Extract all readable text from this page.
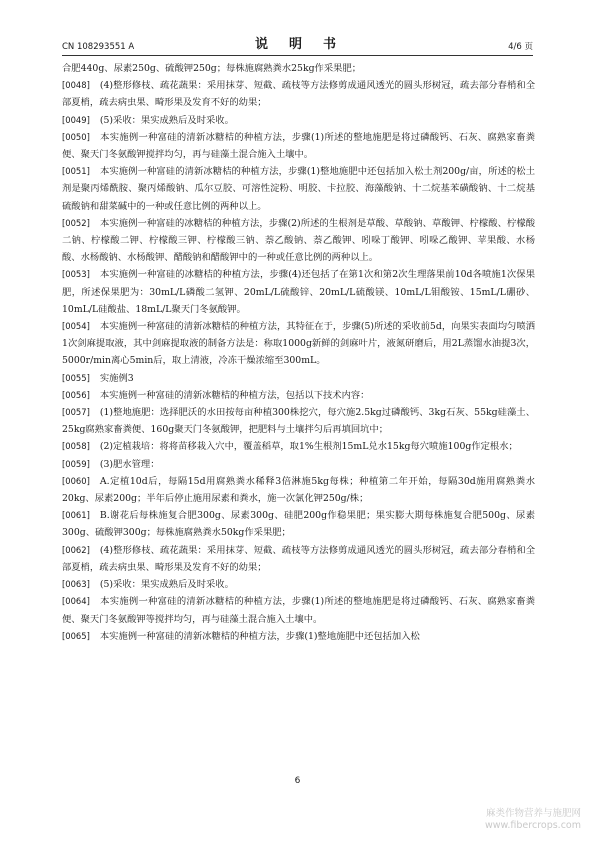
CN 108293551 A	说　明　书	4/6 页

合肥440g、尿素250g、硫酸钾250g；每株施腐熟粪水25kg作采果肥；

[0048] (4)整形修枝、疏花蔬果：采用抹芽、短截、疏枝等方法修剪成通风透光的圆头形树冠，疏去部分春梢和全部夏梢，疏去病虫果、畸形果及发育不好的幼果；

[0049] (5)采收：果实成熟后及时采收。

[0050] 本实施例一种富硅的清新冰糖桔的种植方法，步骤(1)所述的整地施肥是将过磷酸钙、石灰、腐熟家畜粪便、聚天门冬氨酸钾搅拌均匀，再与硅藻土混合施入土壤中。

[0051] 本实施例一种富硅的清新冰糖桔的种植方法，步骤(1)整地施肥中还包括加入松土剂200g/亩，所述的松土剂是聚丙烯酰胺、聚丙烯酸钠、瓜尔豆胶、可溶性淀粉、明胶、卡拉胶、海藻酸钠、十二烷基苯磺酸钠、十二烷基硫酸钠和甜菜碱中的一种或任意比例的两种以上。

[0052] 本实施例一种富硅的冰糖桔的种植方法，步骤(2)所述的生根剂是草酸、草酸钠、草酸钾、柠檬酸、柠檬酸二钠、柠檬酸二钾、柠檬酸三钾、柠檬酸三钠、萘乙酸钠、萘乙酸钾、吲哚丁酸钾、吲哚乙酸钾、苹果酸、水杨酸、水杨酸钠、水杨酸钾、醋酸钠和醋酸钾中的一种或任意比例的两种以上。

[0053] 本实施例一种富硅的冰糖桔的种植方法，步骤(4)还包括了在第1次和第2次生理落果前10d各喷施1次保果肥，所述保果肥为：30mL/L磷酸二氢钾、20mL/L硫酸锌、20mL/L硫酸镁、10mL/L钼酸铵、15mL/L硼砂、10mL/L硅酸盐、18mL/L聚天门冬氨酸钾。

[0054] 本实施例一种富硅的清新冰糖桔的种植方法，其特征在于，步骤(5)所述的采收前5d，向果实表面均匀喷洒1次剑麻提取液，其中剑麻提取液的制备方法是：称取1000g新鲜的剑麻叶片，液氮研磨后，用2L蒸馏水油提3次，5000r/min离心5min后，取上清液，冷冻干燥浓缩至300mL。

[0055] 实施例3

[0056] 本实施例一种富硅的清新冰糖桔的种植方法，包括以下技术内容：

[0057] (1)整地施肥：选择肥沃的水田按每亩种植300株挖穴，每穴施2.5kg过磷酸钙、3kg石灰、55kg硅藻土、25kg腐熟家畜粪便、160g聚天门冬氨酸钾，把肥料与土壤拌匀后再填回坑中；

[0058] (2)定植栽培：将将苗移栽入穴中，覆盖稻草，取1%生根剂15mL兑水15kg每穴喷施100g作定根水；

[0059] (3)肥水管理：

[0060] A.定植10d后，每隔15d用腐熟粪水稀释3倍淋施5kg每株；种植第二年开始，每隔30d施用腐熟粪水20kg、尿素200g；半年后停止施用尿素和粪水，施一次氯化钾250g/株；

[0061] B.谢花后每株施复合肥300g、尿素300g、硅肥200g作稳果肥；果实膨大期每株施复合肥500g、尿素300g、硫酸钾300g；每株施腐熟粪水50kg作采果肥；

[0062] (4)整形修枝、疏花蔬果：采用抹芽、短截、疏枝等方法修剪成通风透光的圆头形树冠，疏去部分春梢和全部夏梢，疏去病虫果、畸形果及发育不好的幼果；

[0063] (5)采收：果实成熟后及时采收。

[0064] 本实施例一种富硅的清新冰糖桔的种植方法，步骤(1)所述的整地施肥是将过磷酸钙、石灰、腐熟家畜粪便、聚天门冬氨酸钾等搅拌均匀，再与硅藻土混合施入土壤中。

[0065] 本实施例一种富硅的清新冰糖桔的种植方法，步骤(1)整地施肥中还包括加入松

6
麻类作物营养与施肥网
www.fibercrops.com
